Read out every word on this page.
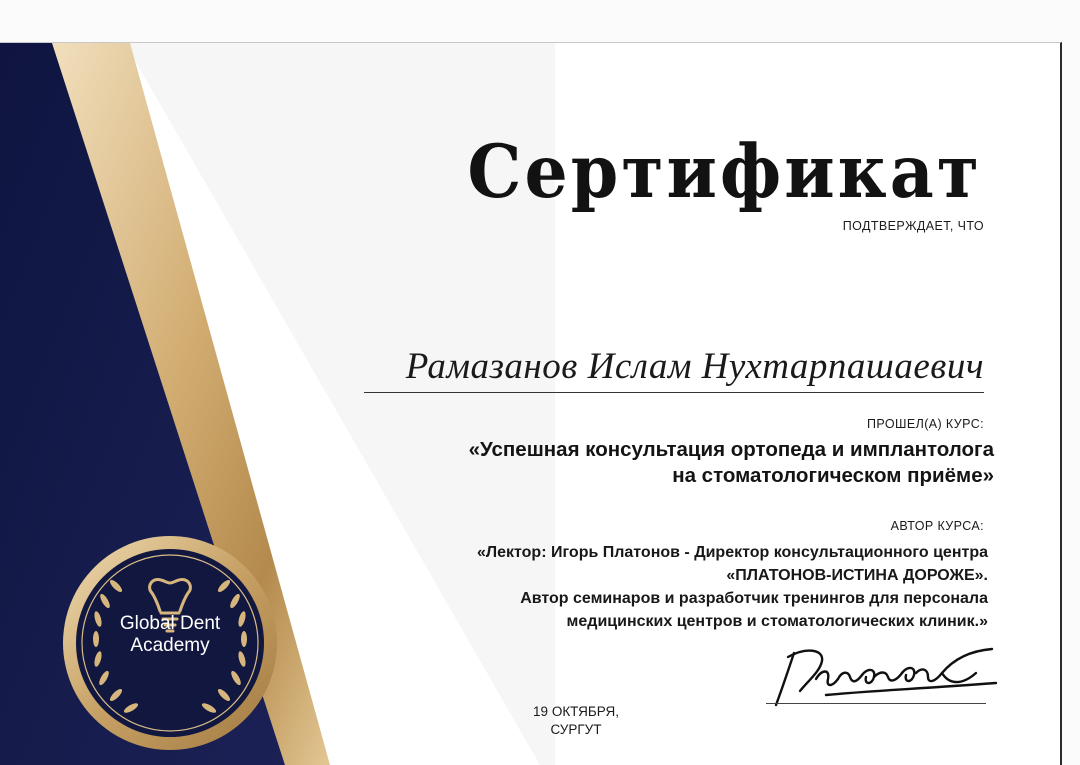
Global Dent
Academy
Сертификат
ПОДТВЕРЖДАЕТ, ЧТО
Рамазанов Ислам Нухтарпашаевич
ПРОШЕЛ(А) КУРС:
«Успешная консультация ортопеда и имплантолога
на стоматологическом приёме»
АВТОР КУРСА:
«Лектор: Игорь Платонов - Директор консультационного центра
«ПЛАТОНОВ-ИСТИНА ДОРОЖЕ».
Автор семинаров и разработчик тренингов для персонала
медицинских центров и стоматологических клиник.»
19 ОКТЯБРЯ,
СУРГУТ
